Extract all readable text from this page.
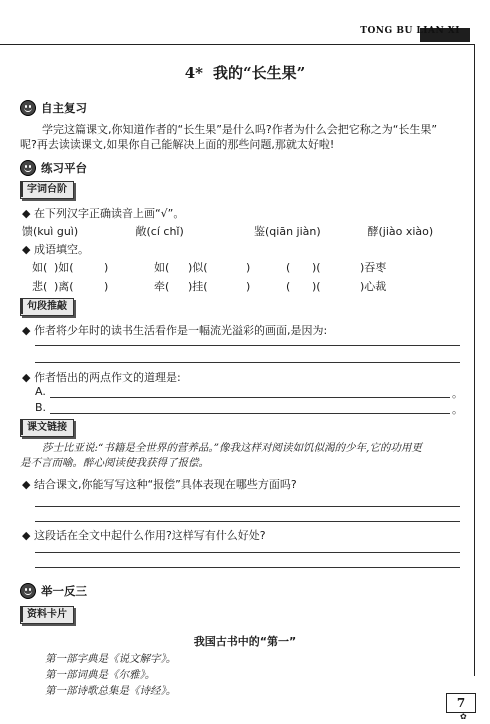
TONG BU LIAN XI
4* 我的“长生果”
自主复习
学完这篇课文,你知道作者的“长生果”是什么吗?作者为什么会把它称之为“长生果”
呢?再去读读课文,如果你自己能解决上面的那些问题,那就太好啦!
练习平台
字词台阶
◆ 在下列汉字正确读音上画“√”。
馈(kuì guì)	敞(cí chǐ)	鉴(qiān jiàn)	酵(jiào xiào)
◆ 成语填空。
如( )如(	)	如( )似(	)	( )(	)吞枣
悲( )离(	)	牵( )挂(	)	( )(	)心裁
句段推敲
◆ 作者将少年时的读书生活看作是一幅流光溢彩的画面,是因为:
◆ 作者悟出的两点作文的道理是:
A.	。
B.	。
课文链接
莎士比亚说:“书籍是全世界的营养品。”像我这样对阅读如饥似渴的少年,它的功用更
是不言而喻。醉心阅读使我获得了报偿。
◆ 结合课文,你能写写这种“报偿”具体表现在哪些方面吗?
◆ 这段话在全文中起什么作用?这样写有什么好处?
举一反三
资料卡片
我国古书中的“第一”
第一部字典是《说文解字》。
第一部词典是《尔雅》。
第一部诗歌总集是《诗经》。
7
✿
